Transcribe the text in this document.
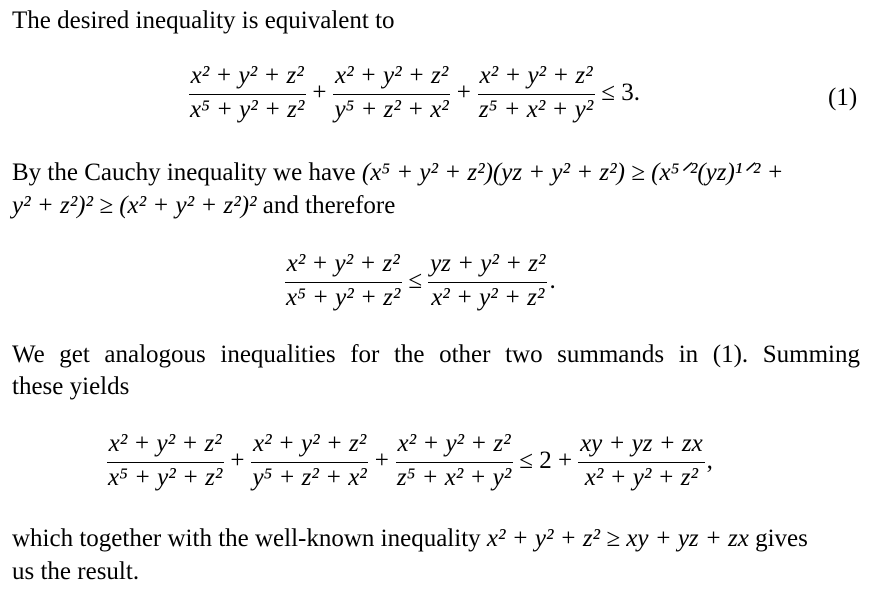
The desired inequality is equivalent to
$\frac{\text{x² + y² + z²}}{\text{x⁵ + y² + z²}} + \frac{\text{x² + y² + z²}}{\text{y⁵ + z² + x²}} + \frac{\text{x² + y² + z²}}{\text{z⁵ + x² + y²}} \le 3$.	(1)
By the Cauchy inequality we have (x⁵ + y² + z²)(yz + y² + z²) ≥ (x⁵ᐟ²(yz)¹ᐟ² +
y² + z²)² ≥ (x² + y² + z²)² and therefore
$\frac{\text{x² + y² + z²}}{\text{x⁵ + y² + z²}} \le \frac{\text{yz + y² + z²}}{\text{x² + y² + z²}}$ .
We get analogous inequalities for the other two summands in (1). Summing
these yields
$\frac{\text{x² + y² + z²}}{\text{x⁵ + y² + z²}} + \frac{\text{x² + y² + z²}}{\text{y⁵ + z² + x²}} + \frac{\text{x² + y² + z²}}{\text{z⁵ + x² + y²}} \le 2 + \frac{xy + yz + zx}{\text{x² + y² + z²}}$ ,
which together with the well-known inequality x² + y² + z² ≥ xy + yz + zx gives
us the result.
